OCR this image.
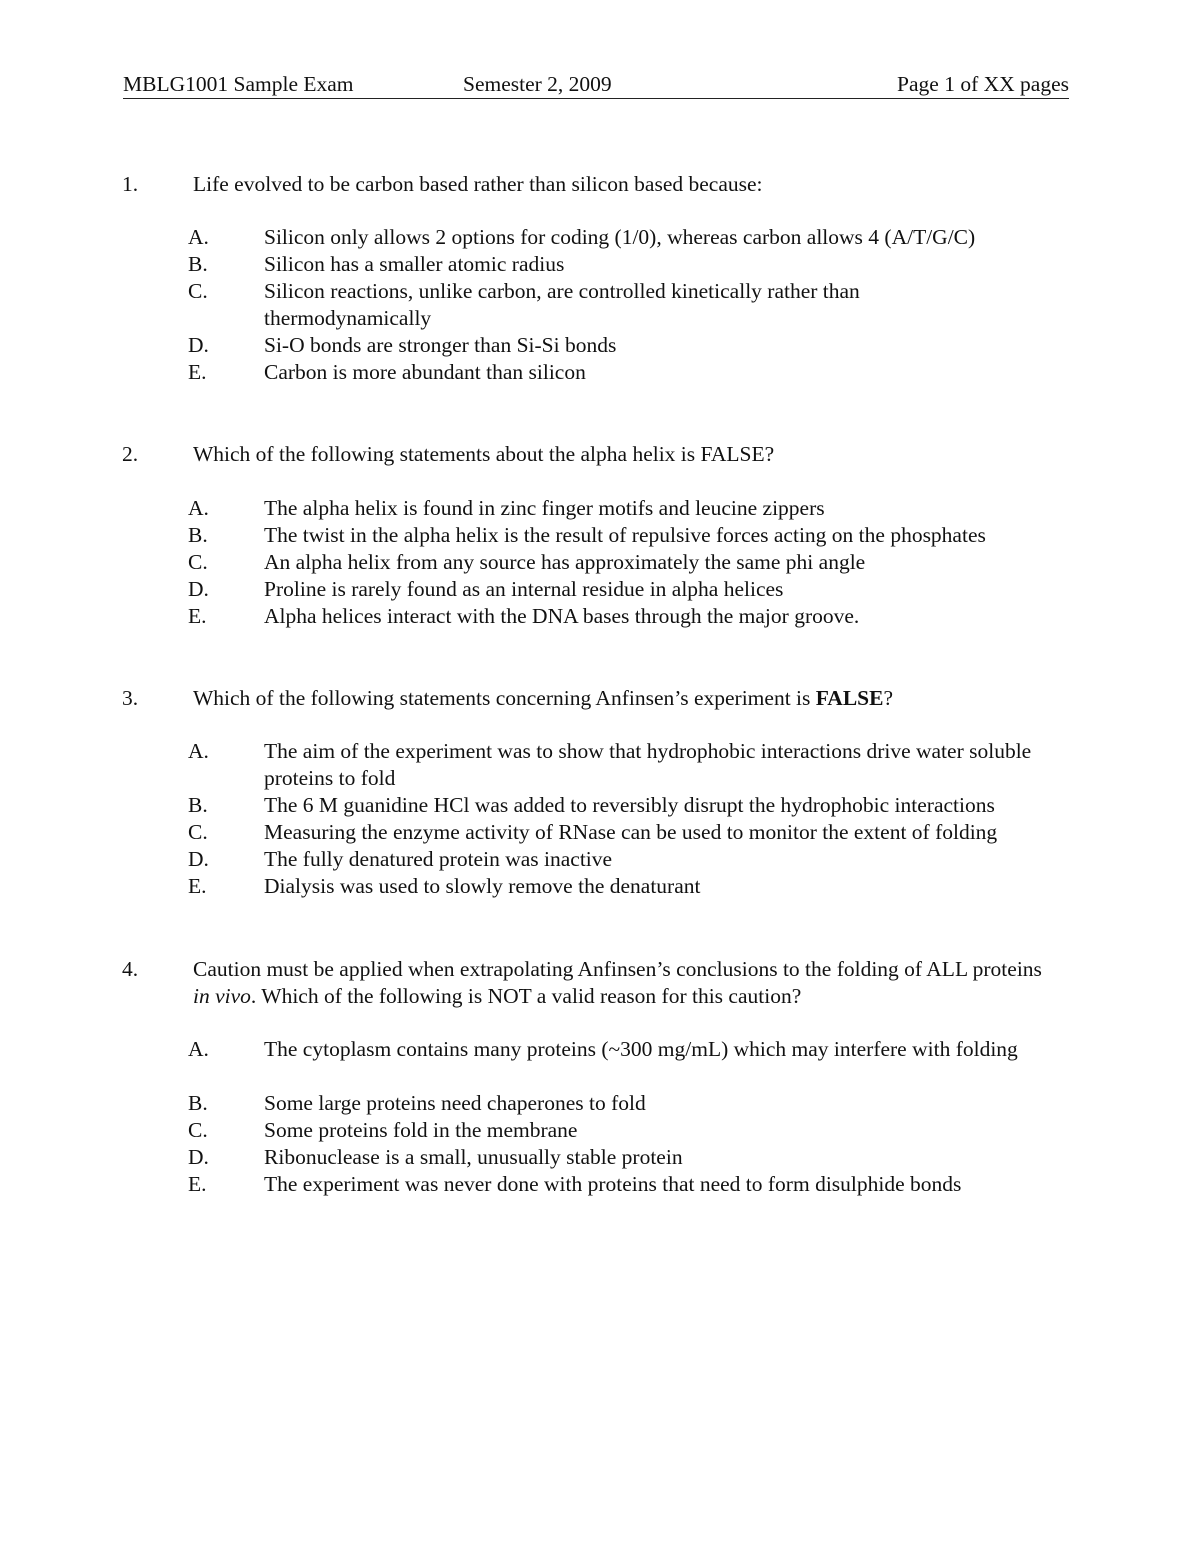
MBLG1001 Sample Exam	Semester 2, 2009	Page 1 of XX pages
1.	Life evolved to be carbon based rather than silicon based because:
A.	Silicon only allows 2 options for coding (1/0), whereas carbon allows 4 (A/T/G/C)
B.	Silicon has a smaller atomic radius
C.	Silicon reactions, unlike carbon, are controlled kinetically rather than thermodynamically
D.	Si-O bonds are stronger than Si-Si bonds
E.	Carbon is more abundant than silicon
2.	Which of the following statements about the alpha helix is FALSE?
A.	The alpha helix is found in zinc finger motifs and leucine zippers
B.	The twist in the alpha helix is the result of repulsive forces acting on the phosphates
C.	An alpha helix from any source has approximately the same phi angle
D.	Proline is rarely found as an internal residue in alpha helices
E.	Alpha helices interact with the DNA bases through the major groove.
3.	Which of the following statements concerning Anfinsen’s experiment is FALSE?
A.	The aim of the experiment was to show that hydrophobic interactions drive water soluble proteins to fold
B.	The 6 M guanidine HCl was added to reversibly disrupt the hydrophobic interactions
C.	Measuring the enzyme activity of RNase can be used to monitor the extent of folding
D.	The fully denatured protein was inactive
E.	Dialysis was used to slowly remove the denaturant
4.	Caution must be applied when extrapolating Anfinsen’s conclusions to the folding of ALL proteins in vivo. Which of the following is NOT a valid reason for this caution?
A.	The cytoplasm contains many proteins (~300 mg/mL) which may interfere with folding
B.	Some large proteins need chaperones to fold
C.	Some proteins fold in the membrane
D.	Ribonuclease is a small, unusually stable protein
E.	The experiment was never done with proteins that need to form disulphide bonds
